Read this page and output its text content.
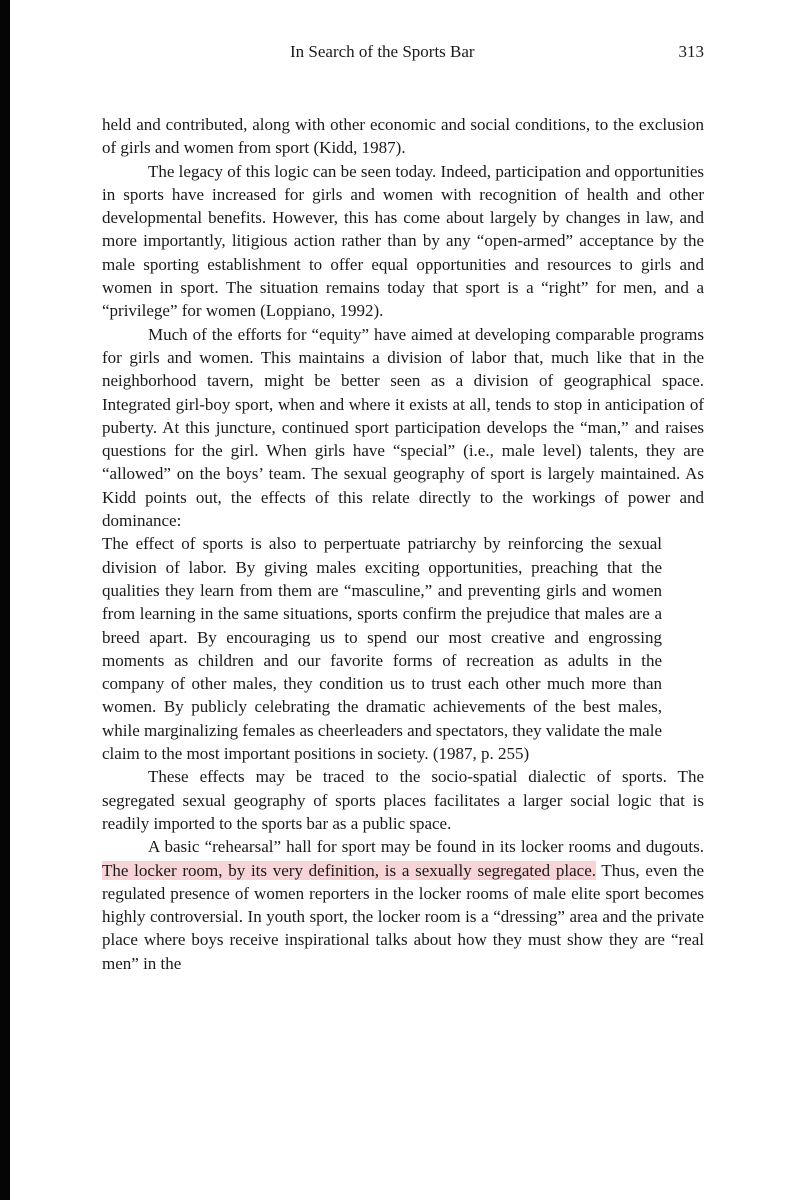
In Search of the Sports Bar	313

held and contributed, along with other economic and social conditions, to the exclusion of girls and women from sport (Kidd, 1987).

The legacy of this logic can be seen today. Indeed, participation and opportunities in sports have increased for girls and women with recognition of health and other developmental benefits. However, this has come about largely by changes in law, and more importantly, litigious action rather than by any “open-armed” acceptance by the male sporting establishment to offer equal opportunities and resources to girls and women in sport. The situation remains today that sport is a “right” for men, and a “privilege” for women (Loppiano, 1992).

Much of the efforts for “equity” have aimed at developing comparable programs for girls and women. This maintains a division of labor that, much like that in the neighborhood tavern, might be better seen as a division of geographical space. Integrated girl-boy sport, when and where it exists at all, tends to stop in anticipation of puberty. At this juncture, continued sport participation develops the “man,” and raises questions for the girl. When girls have “special” (i.e., male level) talents, they are “allowed” on the boys’ team. The sexual geography of sport is largely maintained. As Kidd points out, the effects of this relate directly to the workings of power and dominance:

The effect of sports is also to perpertuate patriarchy by reinforcing the sexual division of labor. By giving males exciting opportunities, preaching that the qualities they learn from them are “masculine,” and preventing girls and women from learning in the same situations, sports confirm the prejudice that males are a breed apart. By encouraging us to spend our most creative and engrossing moments as children and our favorite forms of recreation as adults in the company of other males, they condition us to trust each other much more than women. By publicly celebrating the dramatic achievements of the best males, while marginalizing females as cheerleaders and spectators, they validate the male claim to the most important positions in society. (1987, p. 255)

These effects may be traced to the socio-spatial dialectic of sports. The segregated sexual geography of sports places facilitates a larger social logic that is readily imported to the sports bar as a public space.

A basic “rehearsal” hall for sport may be found in its locker rooms and dugouts. The locker room, by its very definition, is a sexually segregated place. Thus, even the regulated presence of women reporters in the locker rooms of male elite sport becomes highly controversial. In youth sport, the locker room is a “dressing” area and the private place where boys receive inspirational talks about how they must show they are “real men” in the
